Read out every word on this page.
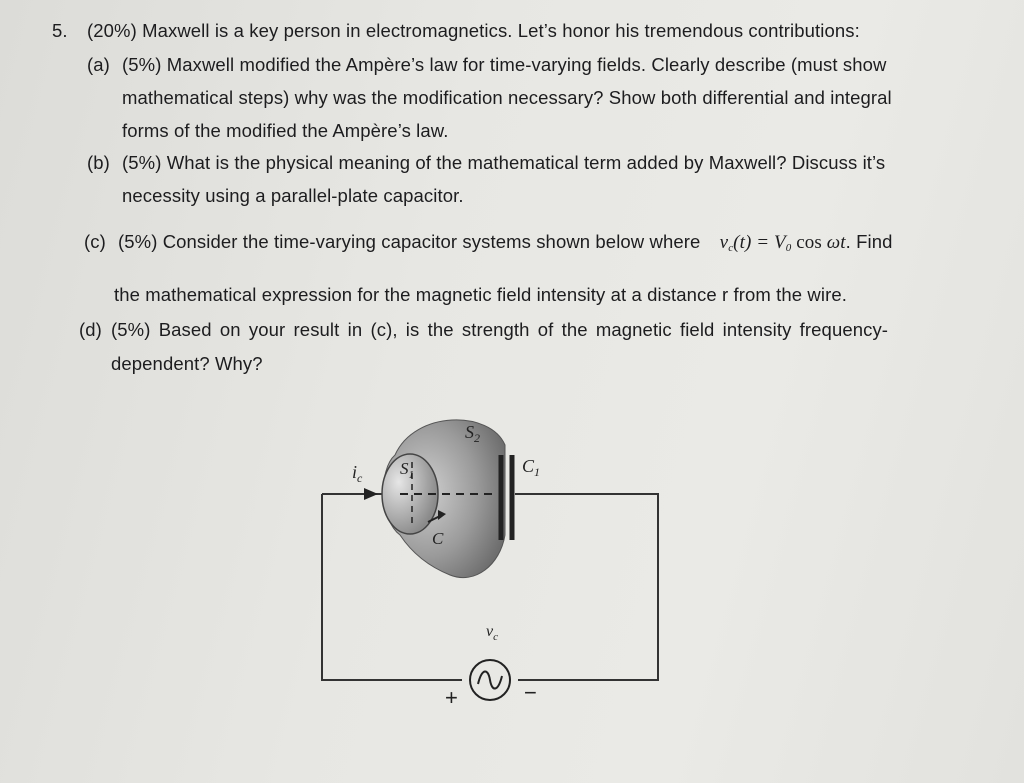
5. (20%) Maxwell is a key person in electromagnetics. Let’s honor his tremendous contributions:
(a) (5%) Maxwell modified the Ampère’s law for time-varying fields. Clearly describe (must show
mathematical steps) why was the modification necessary? Show both differential and integral
forms of the modified the Ampère’s law.
(b) (5%) What is the physical meaning of the mathematical term added by Maxwell? Discuss it’s
necessity using a parallel-plate capacitor.
(c) (5%) Consider the time-varying capacitor systems shown below where $v_c(t) = V_0$ cos ωt. Find
the mathematical expression for the magnetic field intensity at a distance r from the wire.
(d) (5%) Based on your result in (c), is the strength of the magnetic field intensity frequency-
dependent? Why?
$S_2$
$S_1$	$C_1$
$i_c$
C
$v_c$
+	−
